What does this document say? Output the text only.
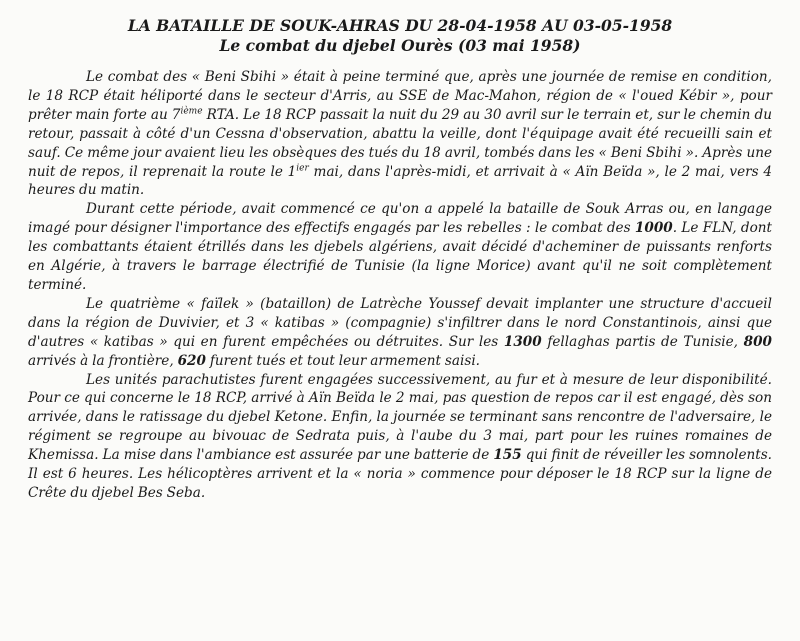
LA BATAILLE DE SOUK-AHRAS DU 28-04-1958 AU 03-05-1958
Le combat du djebel Ourès (03 mai 1958)

Le combat des « Beni Sbihi » était à peine terminé que, après une journée de remise en condition, le 18 RCP était héliporté dans le secteur d'Arris, au SSE de Mac-Mahon, région de « l'oued Kébir », pour prêter main forte au 7ième RTA. Le 18 RCP passait la nuit du 29 au 30 avril sur le terrain et, sur le chemin du retour, passait à côté d'un Cessna d'observation, abattu la veille, dont l'équipage avait été recueilli sain et sauf. Ce même jour avaient lieu les obsèques des tués du 18 avril, tombés dans les « Beni Sbihi ». Après une nuit de repos, il reprenait la route le $1^{ier}$ mai, dans l'après-midi, et arrivait à « Aïn Beïda », le 2 mai, vers 4 heures du matin.

Durant cette période, avait commencé ce qu'on a appelé la bataille de Souk Arras ou, en langage imagé pour désigner l'importance des effectifs engagés par les rebelles : le combat des 1000. Le FLN, dont les combattants étaient étrillés dans les djebels algériens, avait décidé d'acheminer de puissants renforts en Algérie, à travers le barrage électrifié de Tunisie (la ligne Morice) avant qu'il ne soit complètement terminé.

Le quatrième « faïlek » (bataillon) de Latrèche Youssef devait implanter une structure d'accueil dans la région de Duvivier, et 3 « katibas » (compagnie) s'infiltrer dans le nord Constantinois, ainsi que d'autres « katibas » qui en furent empêchées ou détruites. Sur les 1300 fellaghas partis de Tunisie, 800 arrivés à la frontière, 620 furent tués et tout leur armement saisi.

Les unités parachutistes furent engagées successivement, au fur et à mesure de leur disponibilité. Pour ce qui concerne le 18 RCP, arrivé à Aïn Beïda le 2 mai, pas question de repos car il est engagé, dès son arrivée, dans le ratissage du djebel Ketone. Enfin, la journée se terminant sans rencontre de l'adversaire, le régiment se regroupe au bivouac de Sedrata puis, à l'aube du 3 mai, part pour les ruines romaines de Khemissa. La mise dans l'ambiance est assurée par une batterie de 155 qui finit de réveiller les somnolents. Il est 6 heures. Les hélicoptères arrivent et la « noria » commence pour déposer le 18 RCP sur la ligne de Crête du djebel Bes Seba.
